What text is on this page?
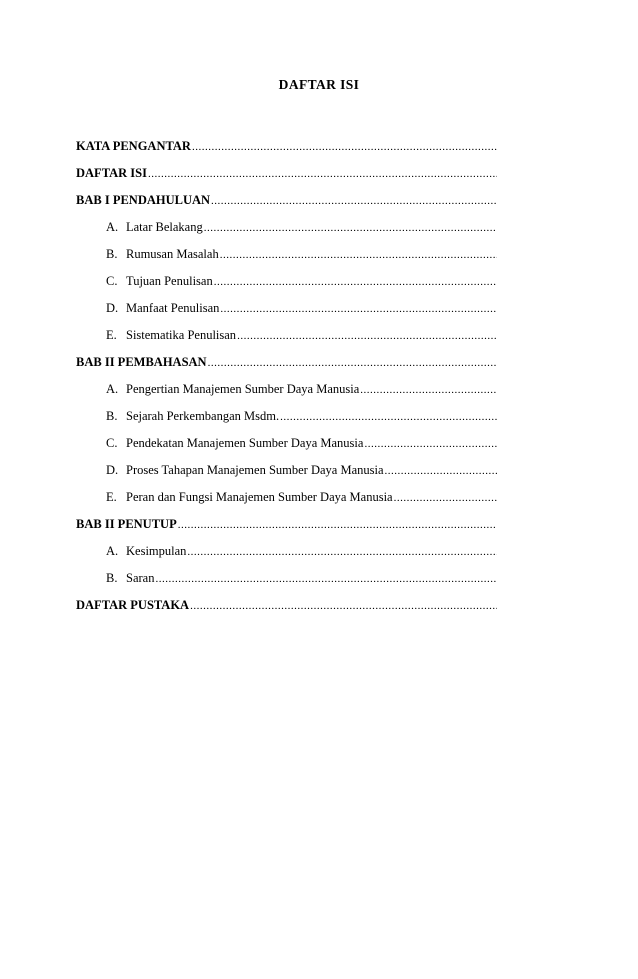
DAFTAR ISI
KATA PENGANTAR
.....
DAFTAR ISI
.....
BAB I PENDAHULUAN
.....
A. Latar Belakang
.....
B. Rumusan Masalah
.....
C. Tujuan Penulisan
.....
D. Manfaat Penulisan
.....
E. Sistematika Penulisan
.....
BAB II PEMBAHASAN
.....
A. Pengertian Manajemen Sumber Daya Manusia
.....
B. Sejarah Perkembangan Msdm.
.....
C. Pendekatan Manajemen Sumber Daya Manusia
.....
D. Proses Tahapan Manajemen Sumber Daya Manusia
.....
E. Peran dan Fungsi Manajemen Sumber Daya Manusia
.....
BAB II PENUTUP
.....
A. Kesimpulan
.....
B. Saran
.....
DAFTAR PUSTAKA
.....
